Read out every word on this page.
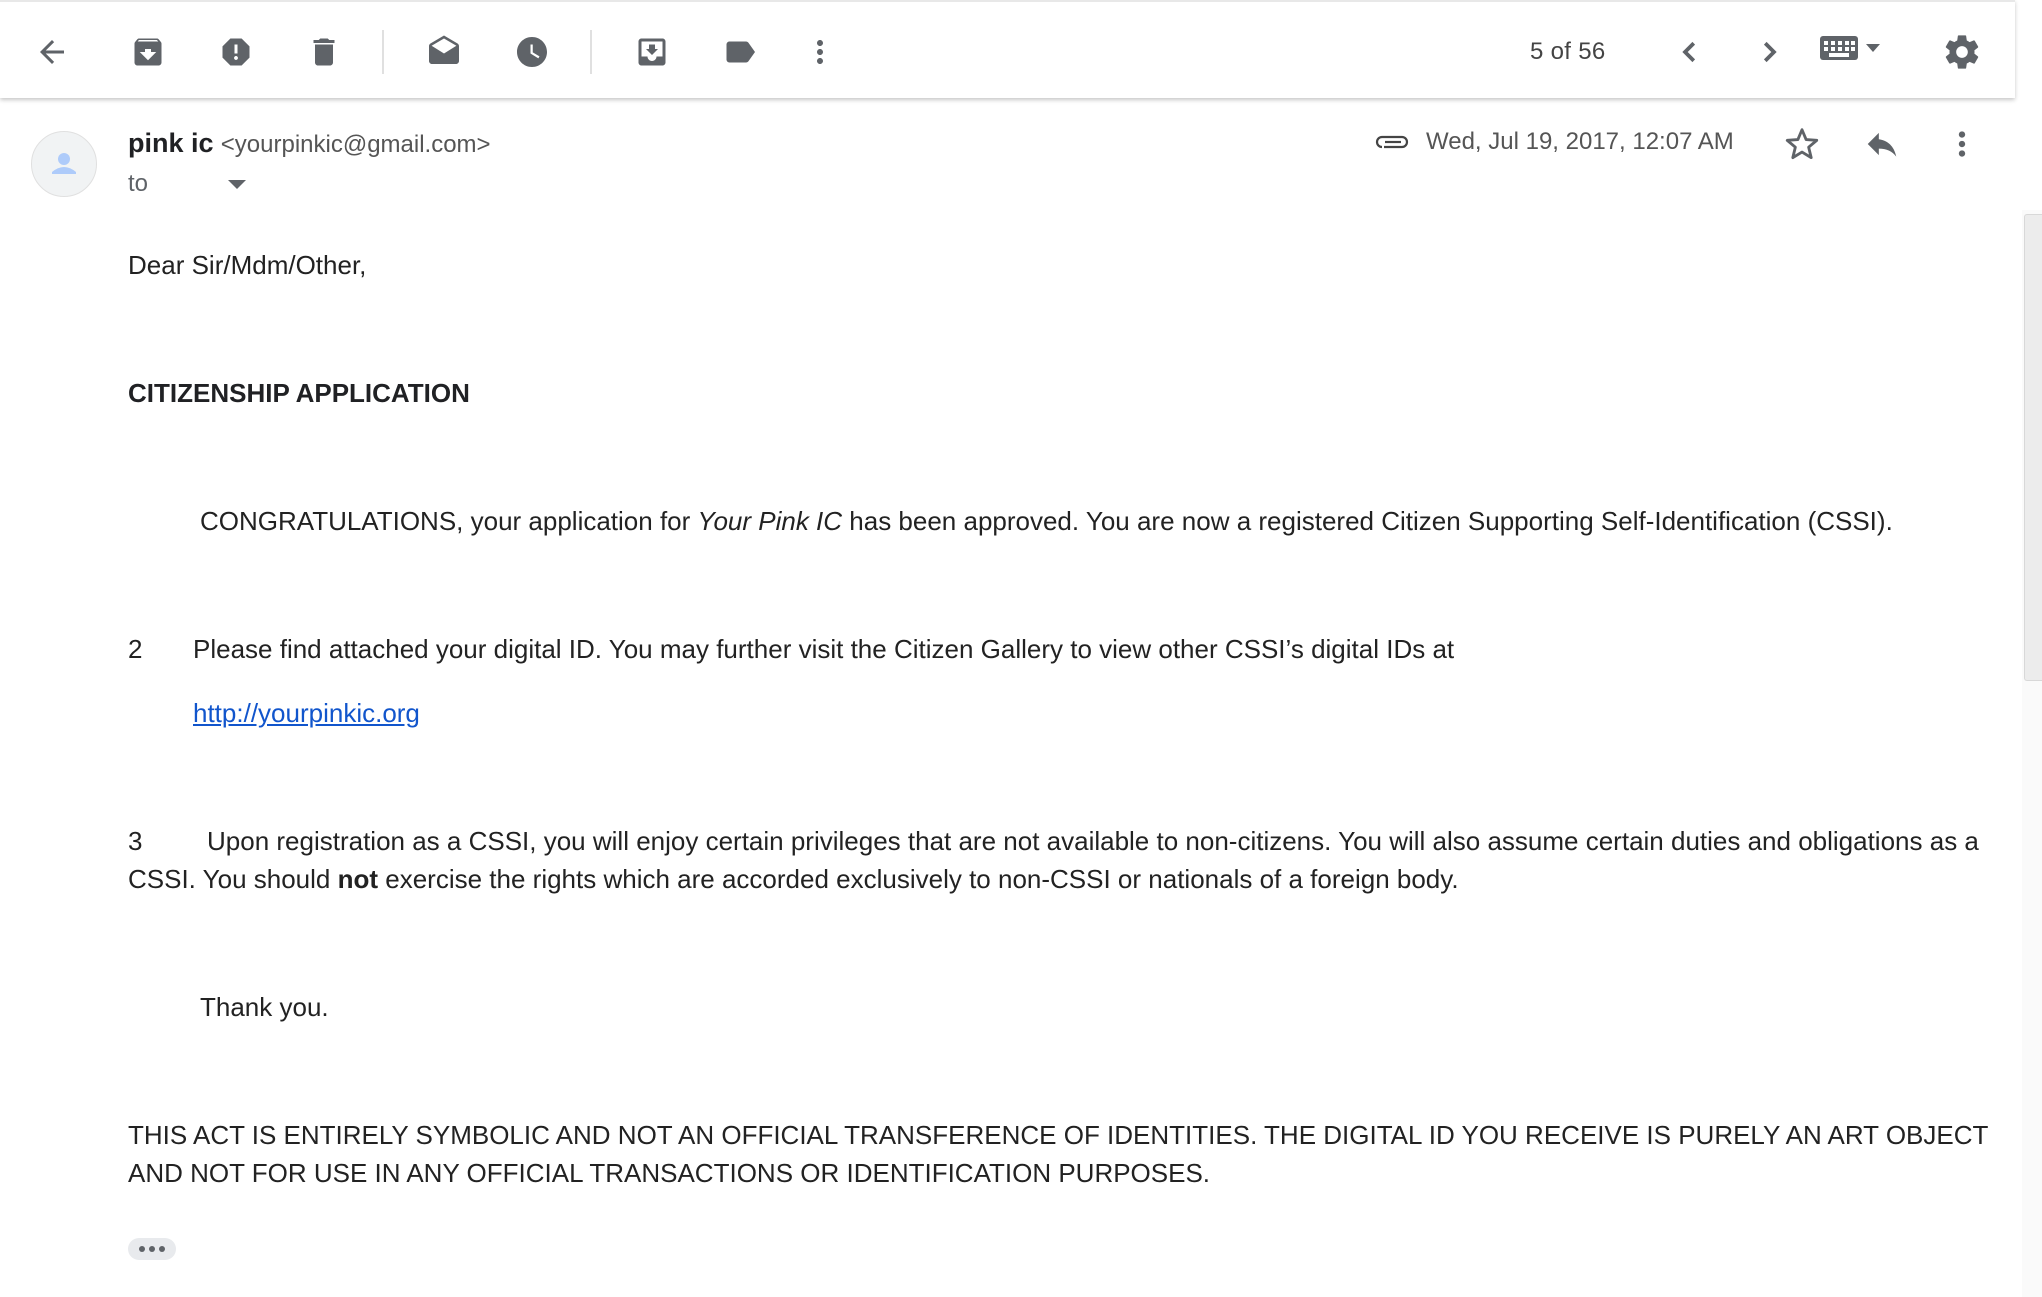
5 of 56
pink ic <yourpinkic@gmail.com>
to
Wed, Jul 19, 2017, 12:07 AM
Dear Sir/Mdm/Other,
CITIZENSHIP APPLICATION
CONGRATULATIONS, your application for Your Pink IC has been approved. You are now a registered Citizen Supporting Self-Identification (CSSI).
2 Please find attached your digital ID. You may further visit the Citizen Gallery to view other CSSI’s digital IDs at
http://yourpinkic.org
3 Upon registration as a CSSI, you will enjoy certain privileges that are not available to non-citizens. You will also assume certain duties and obligations as a CSSI. You should not exercise the rights which are accorded exclusively to non-CSSI or nationals of a foreign body.
Thank you.
THIS ACT IS ENTIRELY SYMBOLIC AND NOT AN OFFICIAL TRANSFERENCE OF IDENTITIES. THE DIGITAL ID YOU RECEIVE IS PURELY AN ART OBJECT AND NOT FOR USE IN ANY OFFICIAL TRANSACTIONS OR IDENTIFICATION PURPOSES.
